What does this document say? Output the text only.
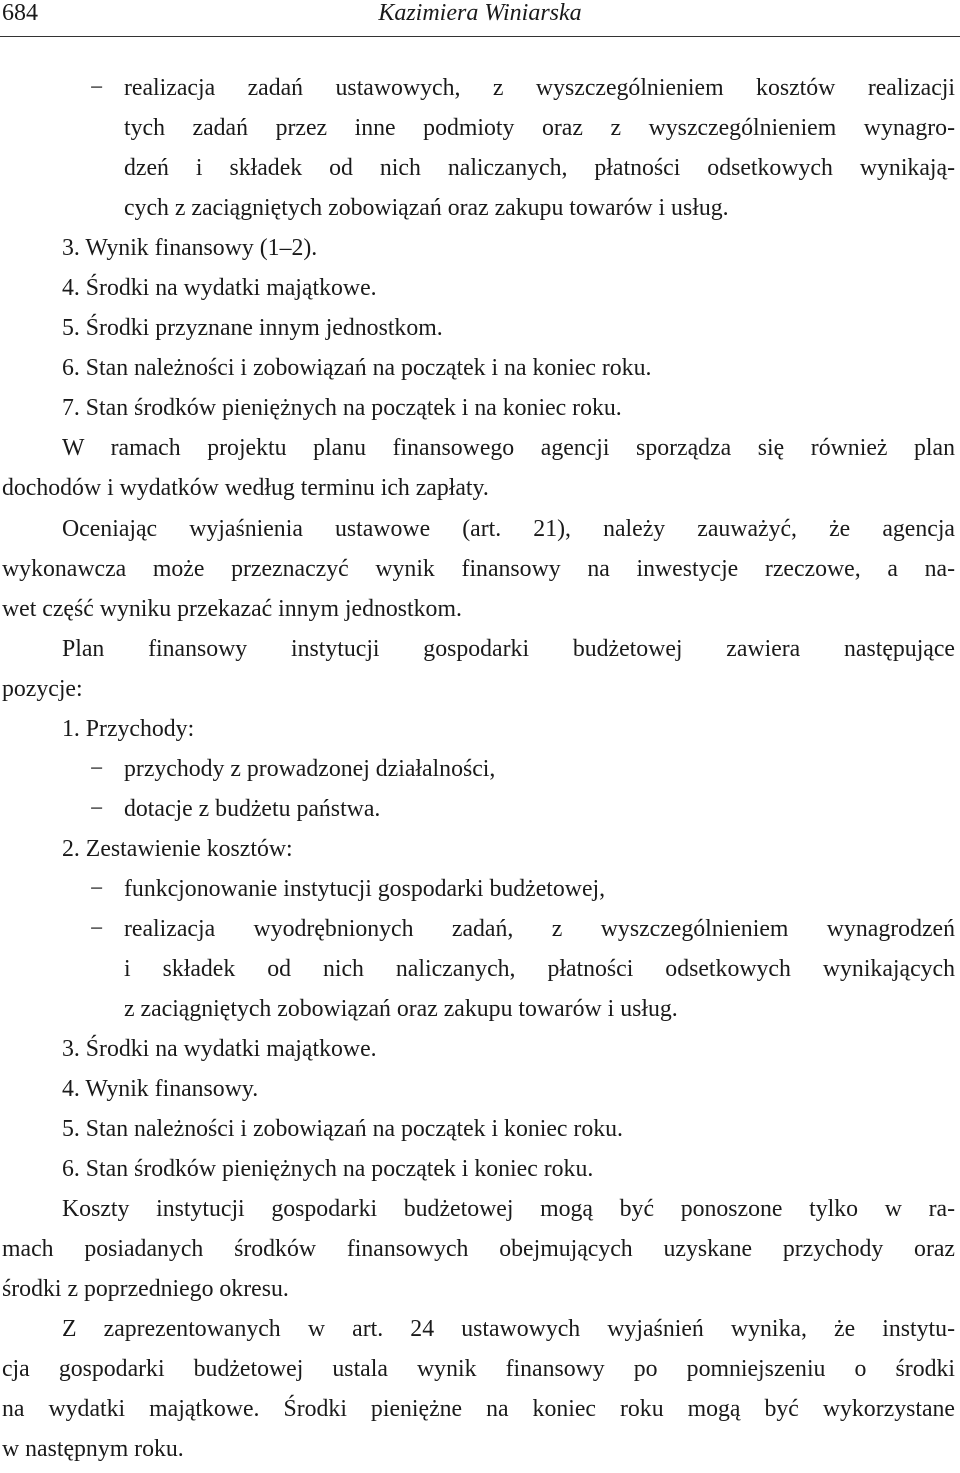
684	Kazimiera Winiarska
− realizacja zadań ustawowych, z wyszczególnieniem kosztów realizacji
tych zadań przez inne podmioty oraz z wyszczególnieniem wynagro-
dzeń i składek od nich naliczanych, płatności odsetkowych wynikają-
cych z zaciągniętych zobowiązań oraz zakupu towarów i usług.
3. Wynik finansowy (1–2).
4. Środki na wydatki majątkowe.
5. Środki przyznane innym jednostkom.
6. Stan należności i zobowiązań na początek i na koniec roku.
7. Stan środków pieniężnych na początek i na koniec roku.
W ramach projektu planu finansowego agencji sporządza się również plan
dochodów i wydatków według terminu ich zapłaty.
Oceniając wyjaśnienia ustawowe (art. 21), należy zauważyć, że agencja
wykonawcza może przeznaczyć wynik finansowy na inwestycje rzeczowe, a na-
wet część wyniku przekazać innym jednostkom.
Plan finansowy instytucji gospodarki budżetowej zawiera następujące
pozycje:
1. Przychody:
− przychody z prowadzonej działalności,
− dotacje z budżetu państwa.
2. Zestawienie kosztów:
− funkcjonowanie instytucji gospodarki budżetowej,
− realizacja wyodrębnionych zadań, z wyszczególnieniem wynagrodzeń
i składek od nich naliczanych, płatności odsetkowych wynikających
z zaciągniętych zobowiązań oraz zakupu towarów i usług.
3. Środki na wydatki majątkowe.
4. Wynik finansowy.
5. Stan należności i zobowiązań na początek i koniec roku.
6. Stan środków pieniężnych na początek i koniec roku.
Koszty instytucji gospodarki budżetowej mogą być ponoszone tylko w ra-
mach posiadanych środków finansowych obejmujących uzyskane przychody oraz
środki z poprzedniego okresu.
Z zaprezentowanych w art. 24 ustawowych wyjaśnień wynika, że instytu-
cja gospodarki budżetowej ustala wynik finansowy po pomniejszeniu o środki
na wydatki majątkowe. Środki pieniężne na koniec roku mogą być wykorzystane
w następnym roku.
